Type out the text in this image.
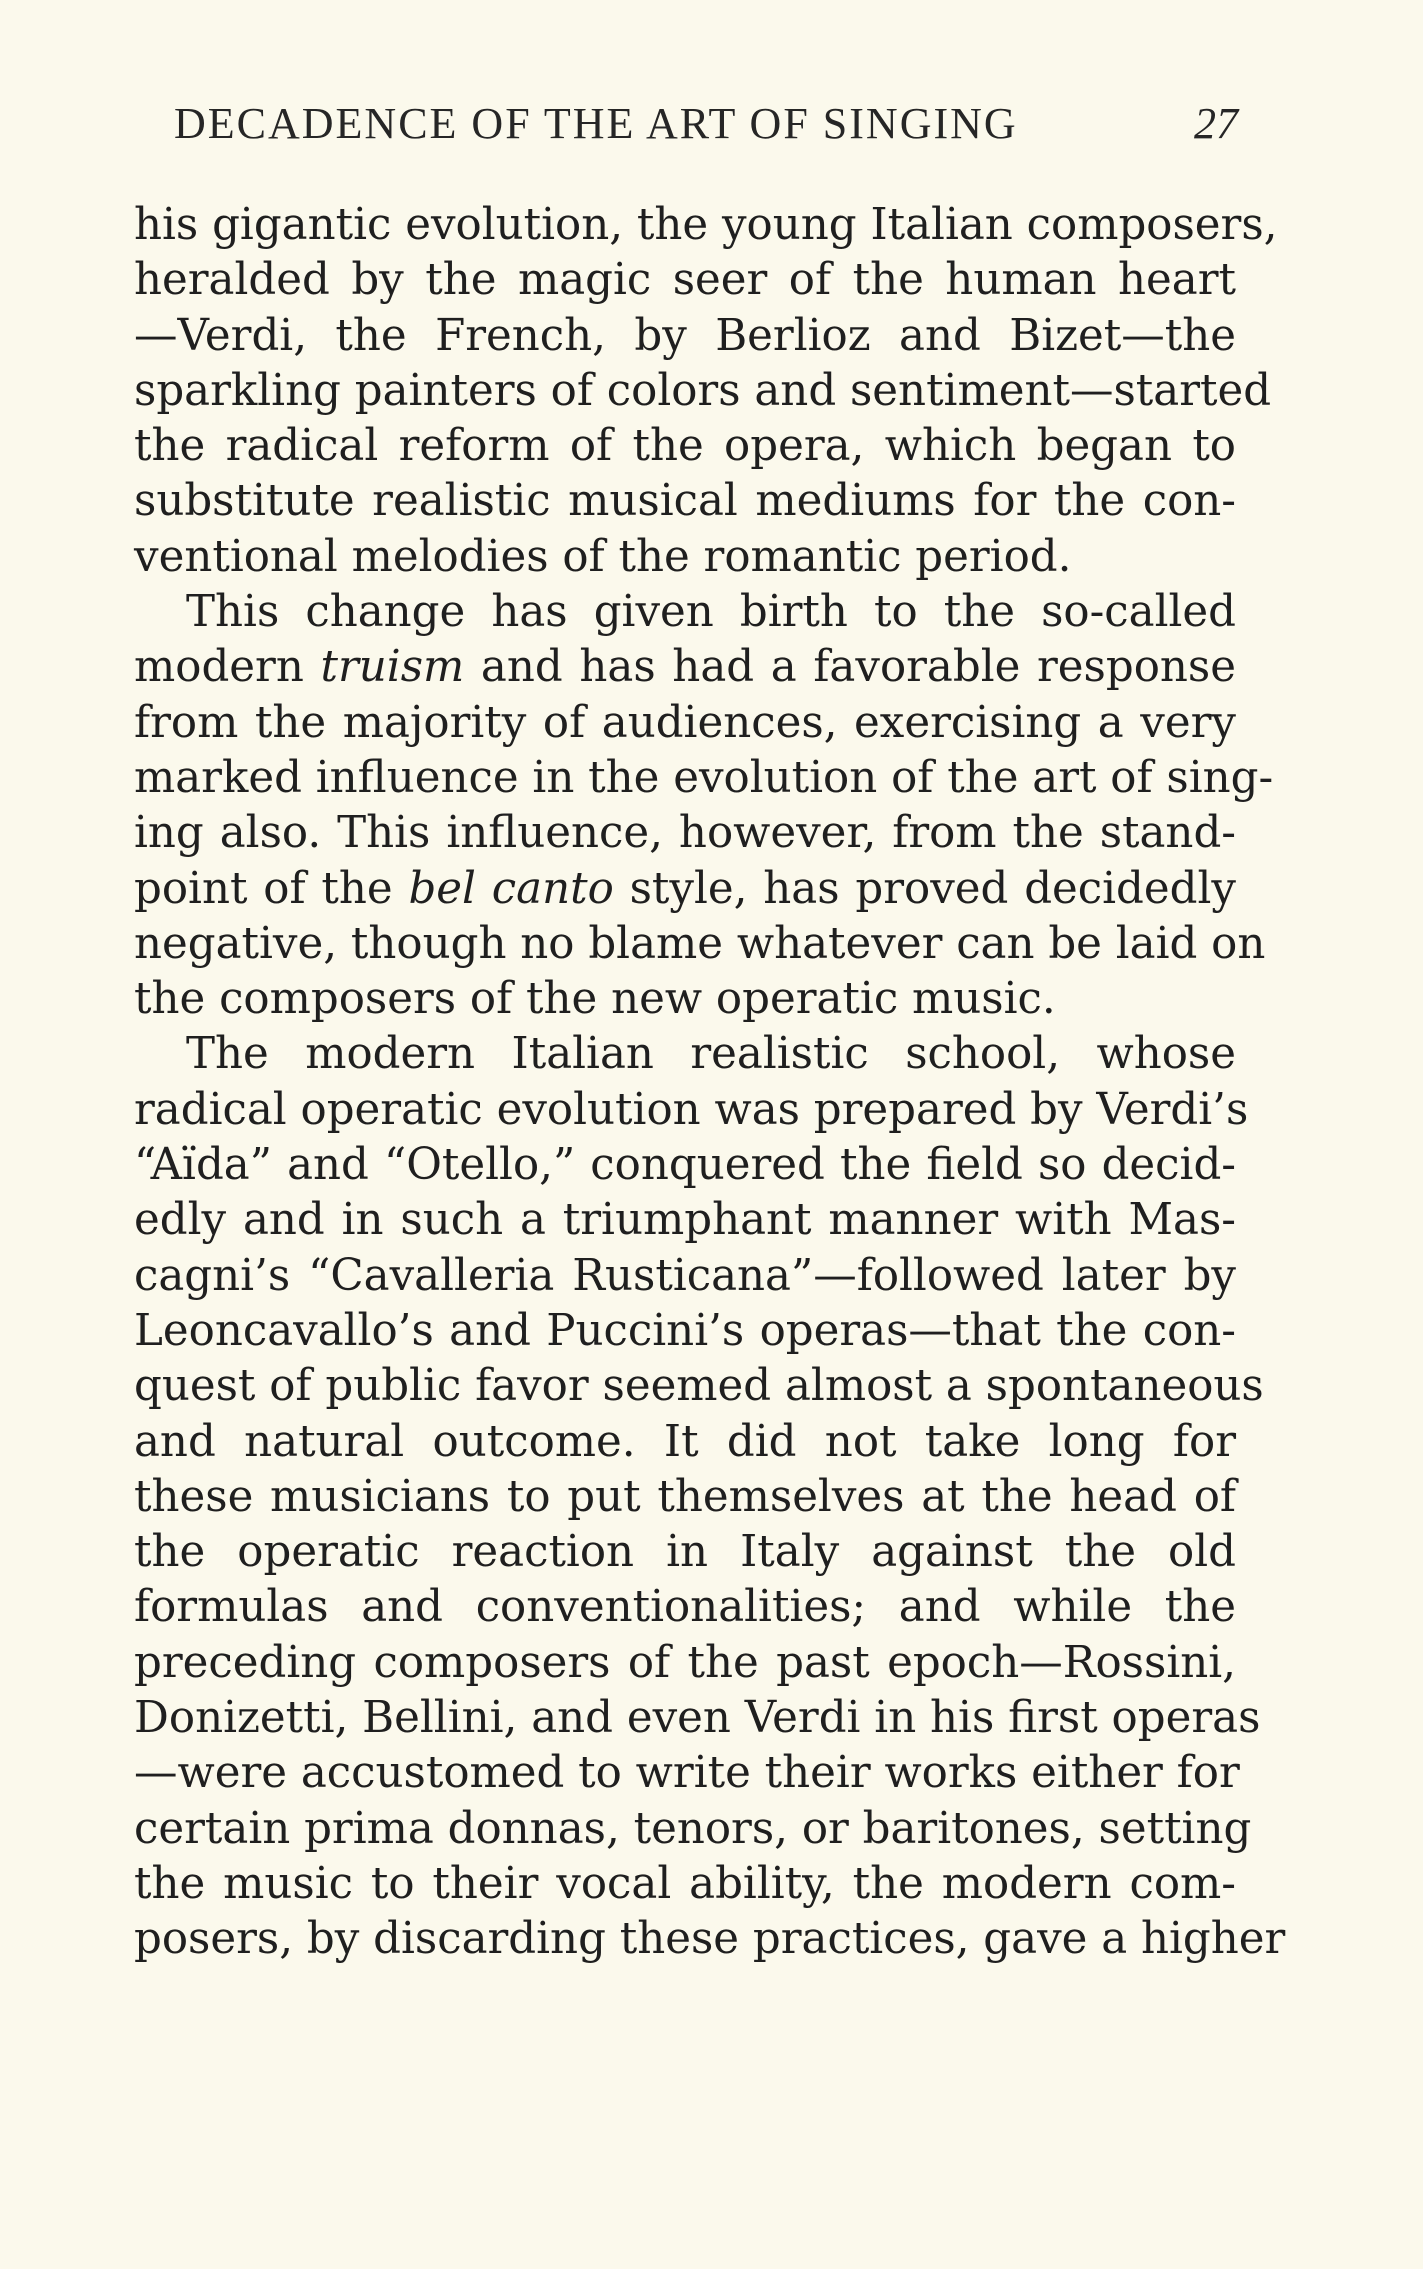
DECADENCE OF THE ART OF SINGING	27
his gigantic evolution, the young Italian composers,
heralded by the magic seer of the human heart
—Verdi, the French, by Berlioz and Bizet—the
sparkling painters of colors and sentiment—started
the radical reform of the opera, which began to
substitute realistic musical mediums for the con-
ventional melodies of the romantic period.
This change has given birth to the so-called
modern truism and has had a favorable response
from the majority of audiences, exercising a very
marked influence in the evolution of the art of sing-
ing also. This influence, however, from the stand-
point of the bel canto style, has proved decidedly
negative, though no blame whatever can be laid on
the composers of the new operatic music.
The modern Italian realistic school, whose
radical operatic evolution was prepared by Verdi’s
“Aïda” and “Otello,” conquered the field so decid-
edly and in such a triumphant manner with Mas-
cagni’s “Cavalleria Rusticana”—followed later by
Leoncavallo’s and Puccini’s operas—that the con-
quest of public favor seemed almost a spontaneous
and natural outcome. It did not take long for
these musicians to put themselves at the head of
the operatic reaction in Italy against the old
formulas and conventionalities; and while the
preceding composers of the past epoch—Rossini,
Donizetti, Bellini, and even Verdi in his first operas
—were accustomed to write their works either for
certain prima donnas, tenors, or baritones, setting
the music to their vocal ability, the modern com-
posers, by discarding these practices, gave a higher
